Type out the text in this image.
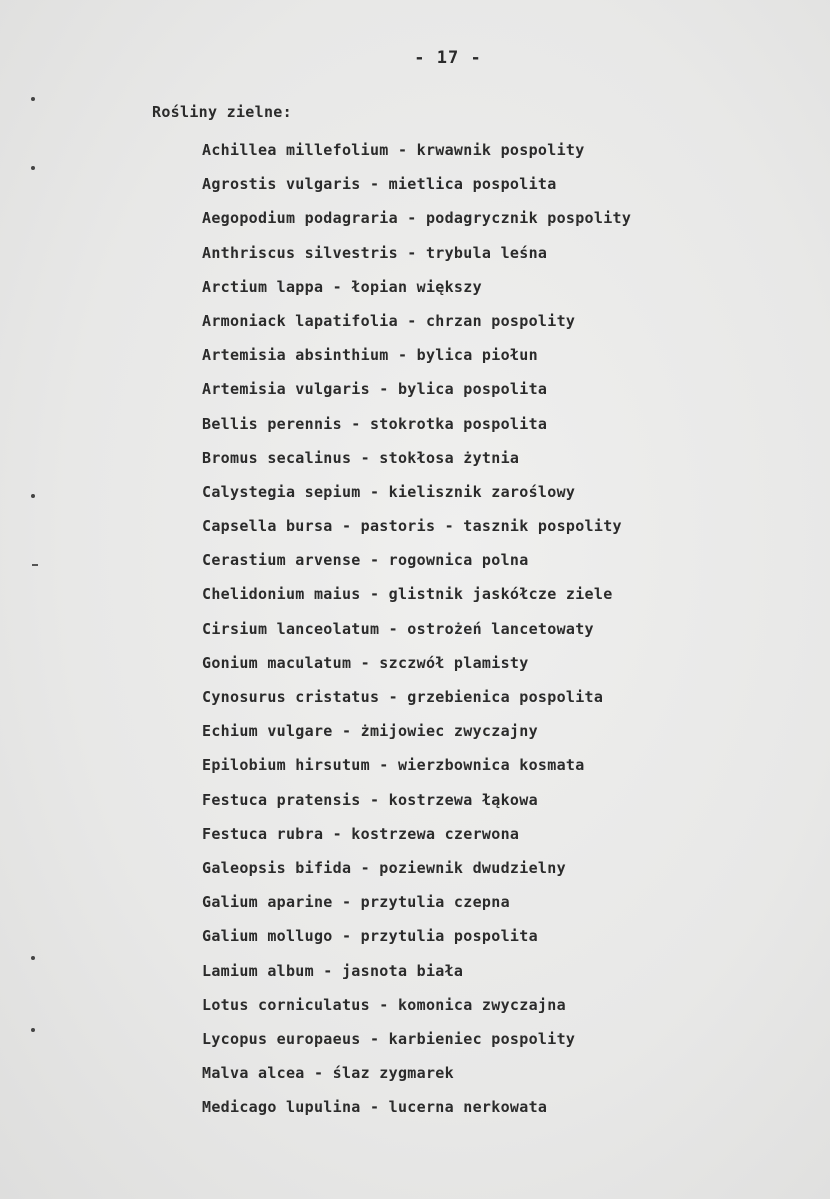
- 17 -
Rośliny zielne:
Achillea millefolium - krwawnik pospolity
Agrostis vulgaris - mietlica pospolita
Aegopodium podagraria - podagrycznik pospolity
Anthriscus silvestris - trybula leśna
Arctium lappa - łopian większy
Armoniack lapatifolia - chrzan pospolity
Artemisia absinthium - bylica piołun
Artemisia vulgaris - bylica pospolita
Bellis perennis - stokrotka pospolita
Bromus secalinus - stokłosa żytnia
Calystegia sepium - kielisznik zaroślowy
Capsella bursa - pastoris - tasznik pospolity
Cerastium arvense - rogownica polna
Chelidonium maius - glistnik jaskółcze ziele
Cirsium lanceolatum - ostrożeń lancetowaty
Gonium maculatum - szczwół plamisty
Cynosurus cristatus - grzebienica pospolita
Echium vulgare - żmijowiec zwyczajny
Epilobium hirsutum - wierzbownica kosmata
Festuca pratensis - kostrzewa łąkowa
Festuca rubra - kostrzewa czerwona
Galeopsis bifida - poziewnik dwudzielny
Galium aparine - przytulia czepna
Galium mollugo - przytulia pospolita
Lamium album - jasnota biała
Lotus corniculatus - komonica zwyczajna
Lycopus europaeus - karbieniec pospolity
Malva alcea - ślaz zygmarek
Medicago lupulina - lucerna nerkowata
